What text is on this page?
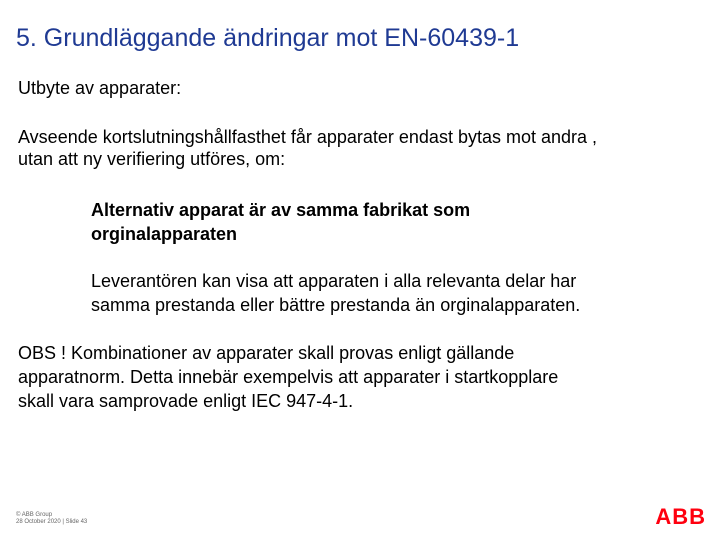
5. Grundläggande ändringar mot EN-60439-1
Utbyte av apparater:
Avseende kortslutningshållfasthet får apparater endast bytas mot andra ,
utan att ny verifiering utföres, om:
Alternativ apparat är av samma fabrikat som
orginalapparaten
Leverantören kan visa att apparaten i alla relevanta delar har
samma prestanda eller bättre prestanda än orginalapparaten.
OBS ! Kombinationer av apparater skall provas enligt gällande
apparatnorm. Detta innebär exempelvis att apparater i startkopplare
skall vara samprovade enligt IEC 947-4-1.
© ABB Group
28 October 2020 | Slide 43	ABB
